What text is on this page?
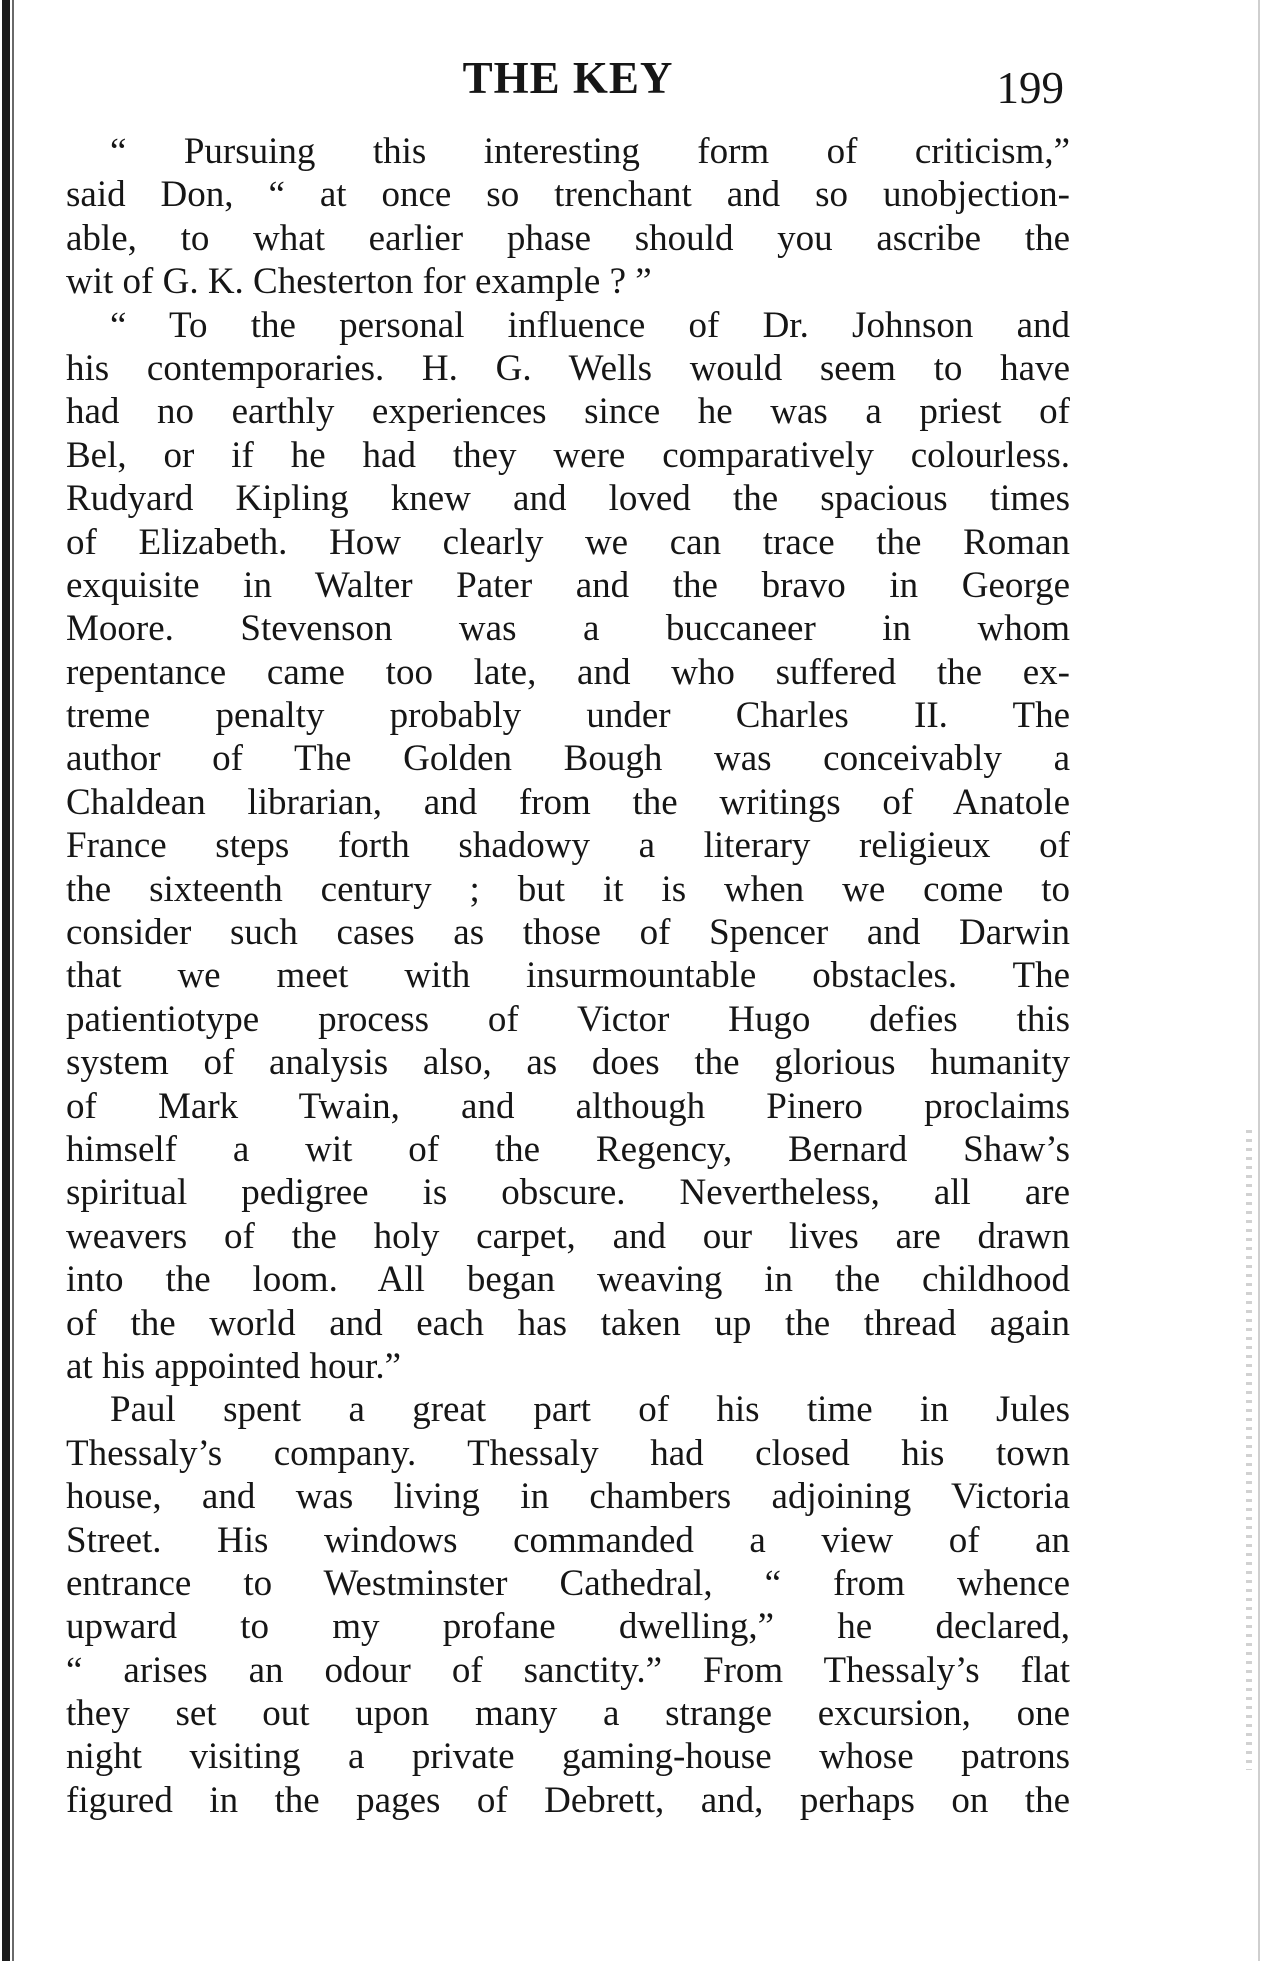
THE KEY	199
“ Pursuing this interesting form of criticism,”
said Don, “ at once so trenchant and so unobjection-
able, to what earlier phase should you ascribe the
wit of G. K. Chesterton for example ? ”
“ To the personal influence of Dr. Johnson and
his contemporaries. H. G. Wells would seem to have
had no earthly experiences since he was a priest of
Bel, or if he had they were comparatively colourless.
Rudyard Kipling knew and loved the spacious times
of Elizabeth. How clearly we can trace the Roman
exquisite in Walter Pater and the bravo in George
Moore. Stevenson was a buccaneer in whom
repentance came too late, and who suffered the ex-
treme penalty probably under Charles II. The
author of The Golden Bough was conceivably a
Chaldean librarian, and from the writings of Anatole
France steps forth shadowy a literary religieux of
the sixteenth century ; but it is when we come to
consider such cases as those of Spencer and Darwin
that we meet with insurmountable obstacles. The
patientiotype process of Victor Hugo defies this
system of analysis also, as does the glorious humanity
of Mark Twain, and although Pinero proclaims
himself a wit of the Regency, Bernard Shaw’s
spiritual pedigree is obscure. Nevertheless, all are
weavers of the holy carpet, and our lives are drawn
into the loom. All began weaving in the childhood
of the world and each has taken up the thread again
at his appointed hour.”
Paul spent a great part of his time in Jules
Thessaly’s company. Thessaly had closed his town
house, and was living in chambers adjoining Victoria
Street. His windows commanded a view of an
entrance to Westminster Cathedral, “ from whence
upward to my profane dwelling,” he declared,
“ arises an odour of sanctity.” From Thessaly’s flat
they set out upon many a strange excursion, one
night visiting a private gaming-house whose patrons
figured in the pages of Debrett, and, perhaps on the
